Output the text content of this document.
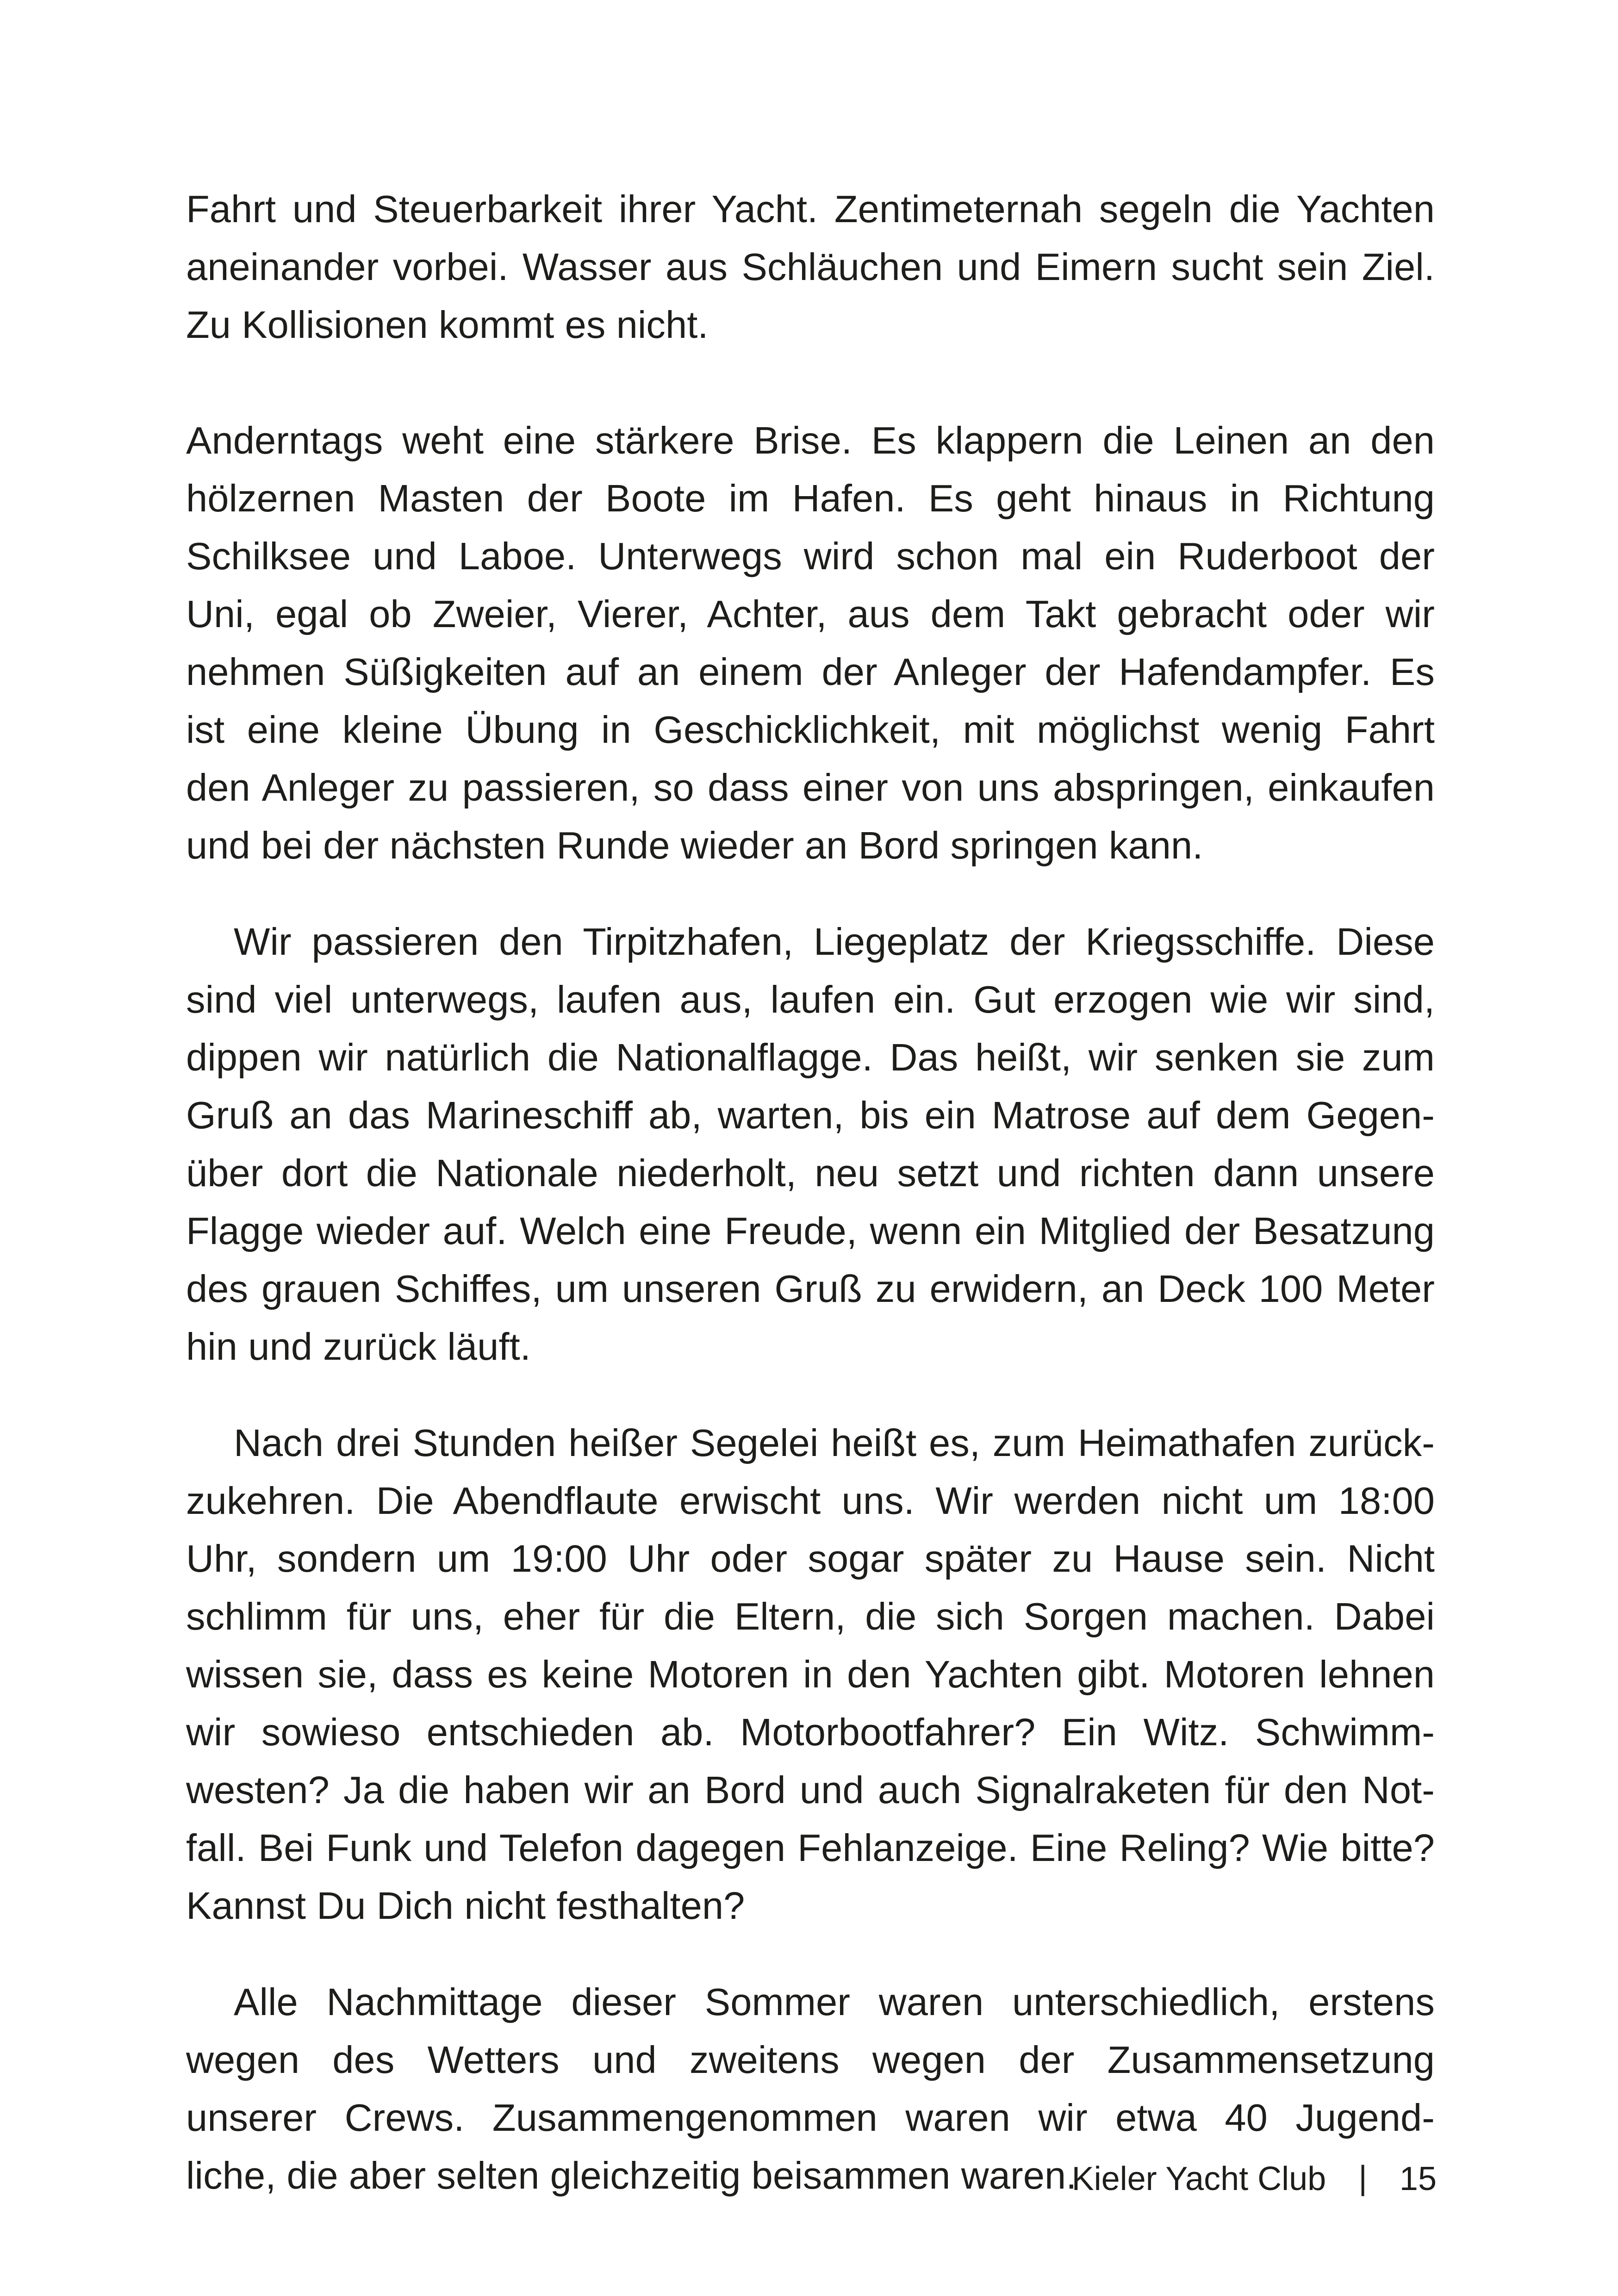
Fahrt und Steuerbarkeit ihrer Yacht. Zentimeternah segeln die Yachten
aneinander vorbei. Wasser aus Schläuchen und Eimern sucht sein Ziel.
Zu Kollisionen kommt es nicht.

Anderntags weht eine stärkere Brise. Es klappern die Leinen an den
hölzernen Masten der Boote im Hafen. Es geht hinaus in Richtung
Schilksee und Laboe. Unterwegs wird schon mal ein Ruderboot der
Uni, egal ob Zweier, Vierer, Achter, aus dem Takt gebracht oder wir
nehmen Süßigkeiten auf an einem der Anleger der Hafendampfer. Es
ist eine kleine Übung in Geschicklichkeit, mit möglichst wenig Fahrt
den Anleger zu passieren, so dass einer von uns abspringen, einkaufen
und bei der nächsten Runde wieder an Bord springen kann.

Wir passieren den Tirpitzhafen, Liegeplatz der Kriegsschiffe. Diese
sind viel unterwegs, laufen aus, laufen ein. Gut erzogen wie wir sind,
dippen wir natürlich die Nationalflagge. Das heißt, wir senken sie zum
Gruß an das Marineschiff ab, warten, bis ein Matrose auf dem Gegen-
über dort die Nationale niederholt, neu setzt und richten dann unsere
Flagge wieder auf. Welch eine Freude, wenn ein Mitglied der Besatzung
des grauen Schiffes, um unseren Gruß zu erwidern, an Deck 100 Meter
hin und zurück läuft.

Nach drei Stunden heißer Segelei heißt es, zum Heimathafen zurück-
zukehren. Die Abendflaute erwischt uns. Wir werden nicht um 18:00
Uhr, sondern um 19:00 Uhr oder sogar später zu Hause sein. Nicht
schlimm für uns, eher für die Eltern, die sich Sorgen machen. Dabei
wissen sie, dass es keine Motoren in den Yachten gibt. Motoren lehnen
wir sowieso entschieden ab. Motorbootfahrer? Ein Witz. Schwimm-
westen? Ja die haben wir an Bord und auch Signalraketen für den Not-
fall. Bei Funk und Telefon dagegen Fehlanzeige. Eine Reling? Wie bitte?
Kannst Du Dich nicht festhalten?

Alle Nachmittage dieser Sommer waren unterschiedlich, erstens
wegen des Wetters und zweitens wegen der Zusammensetzung
unserer Crews. Zusammengenommen waren wir etwa 40 Jugend-
liche, die aber selten gleichzeitig beisammen waren.

Kieler Yacht Club | 15
